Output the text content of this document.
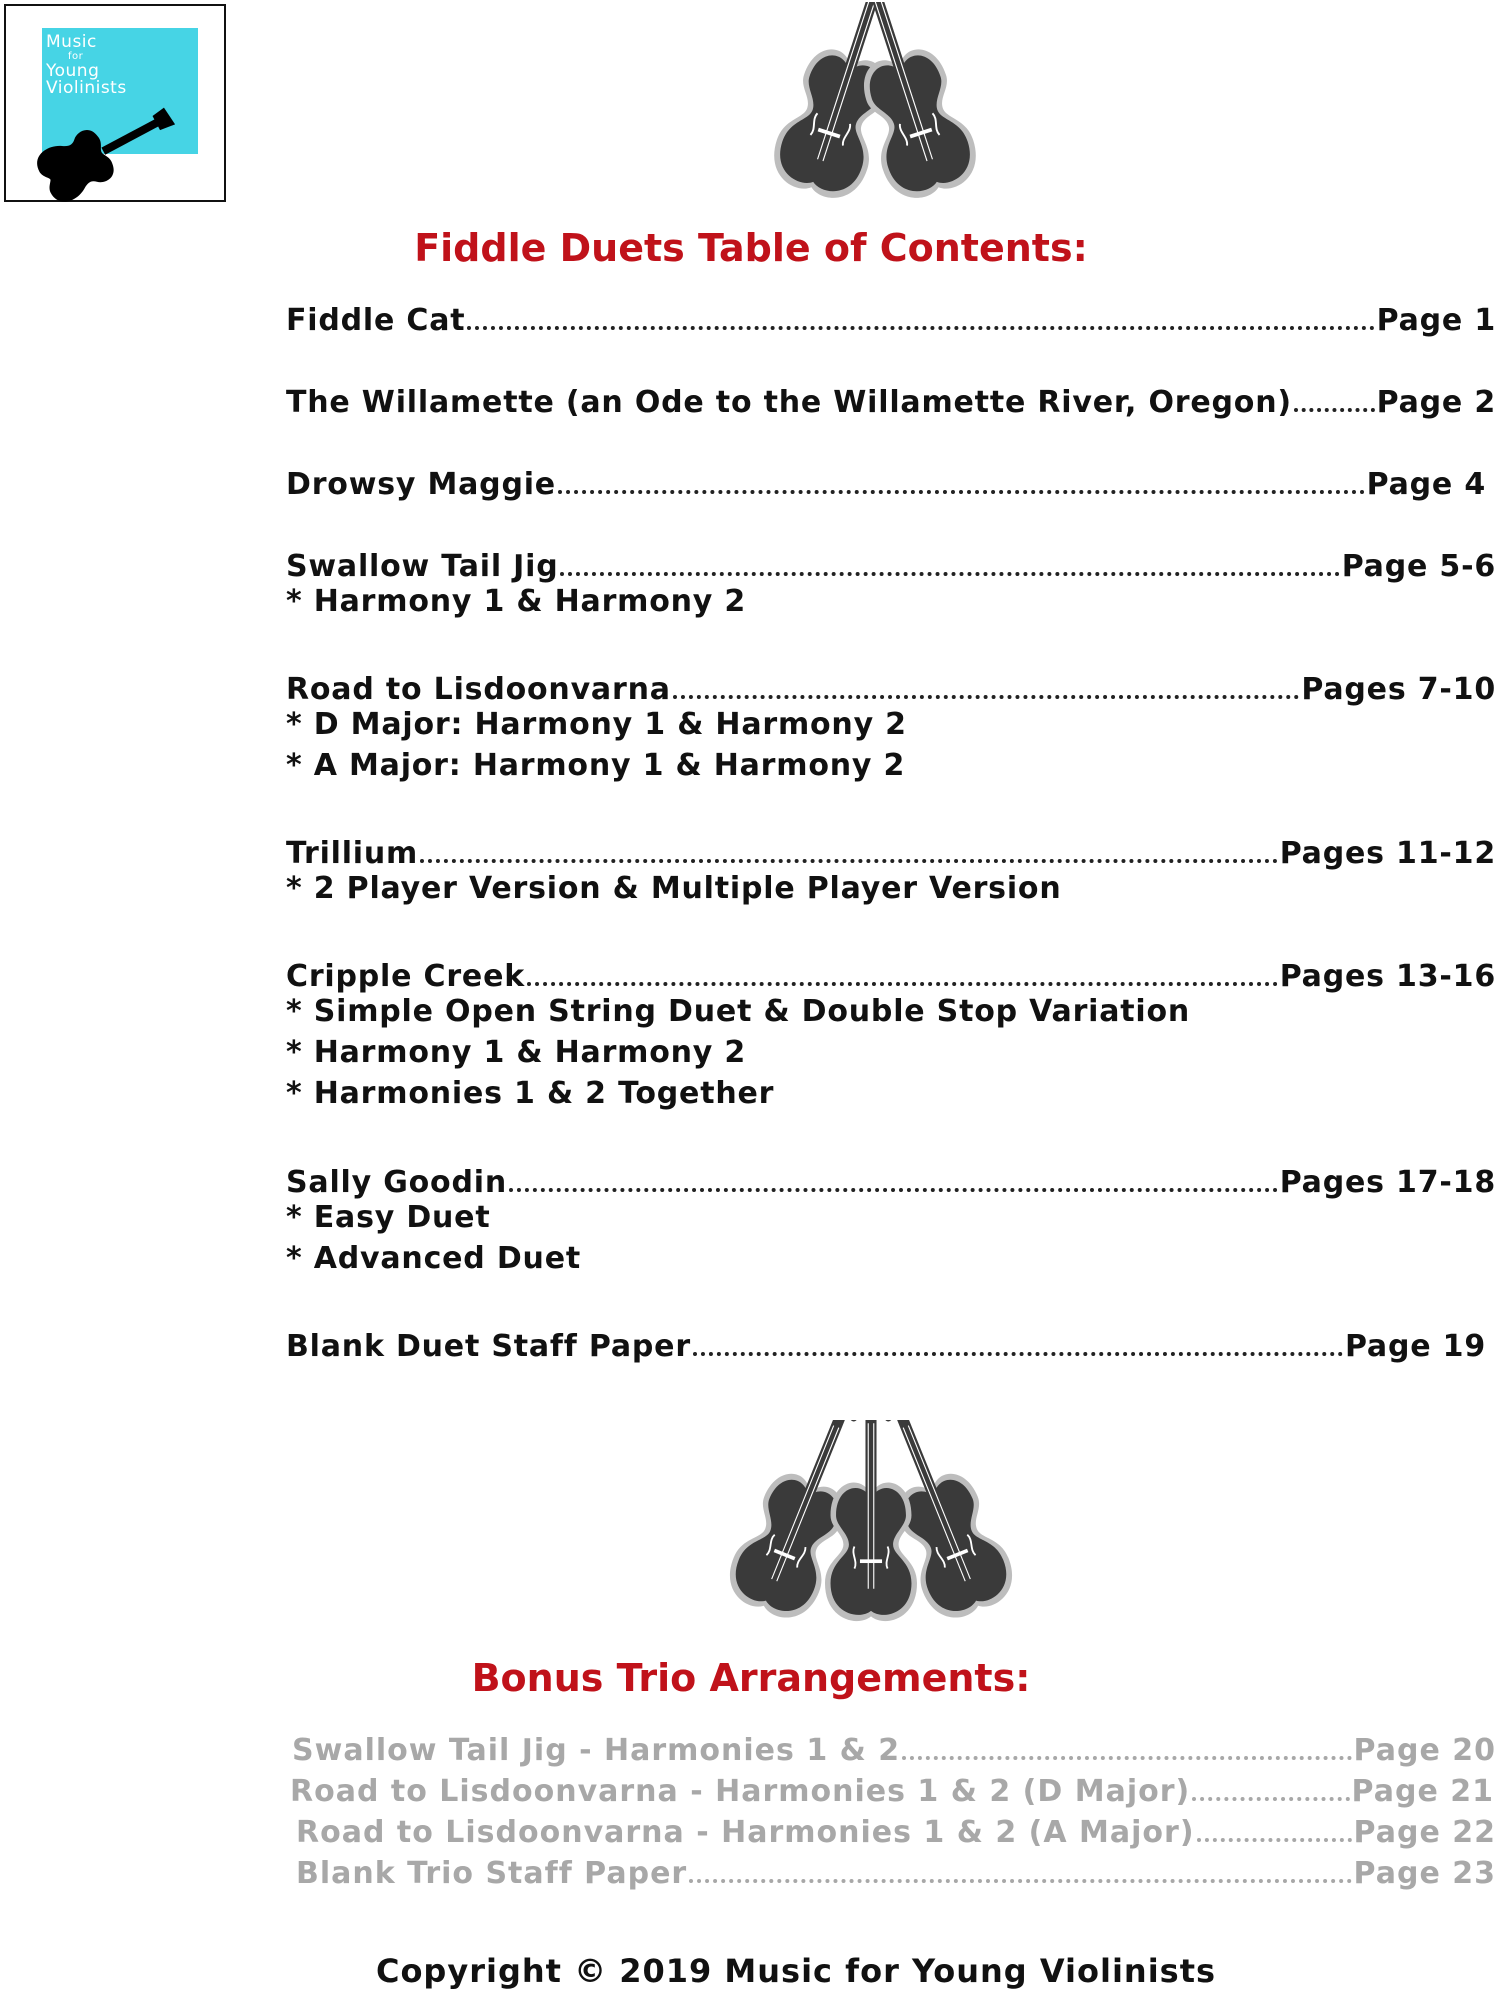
Music
for
Young
Violinists
Fiddle Duets Table of Contents:
Fiddle Cat	Page 1
The Willamette (an Ode to the Willamette River, Oregon)	Page 2
Drowsy Maggie	Page 4
Swallow Tail Jig	Page 5-6
* Harmony 1 & Harmony 2
Road to Lisdoonvarna	Pages 7-10
* D Major: Harmony 1 & Harmony 2
* A Major: Harmony 1 & Harmony 2
Trillium	Pages 11-12
* 2 Player Version & Multiple Player Version
Cripple Creek	Pages 13-16
* Simple Open String Duet & Double Stop Variation
* Harmony 1 & Harmony 2
* Harmonies 1 & 2 Together
Sally Goodin	Pages 17-18
* Easy Duet
* Advanced Duet
Blank Duet Staff Paper	Page 19
Bonus Trio Arrangements:
Swallow Tail Jig - Harmonies 1 & 2	Page 20
Road to Lisdoonvarna - Harmonies 1 & 2 (D Major)	Page 21
Road to Lisdoonvarna - Harmonies 1 & 2 (A Major)	Page 22
Blank Trio Staff Paper	Page 23
Copyright © 2019 Music for Young Violinists
